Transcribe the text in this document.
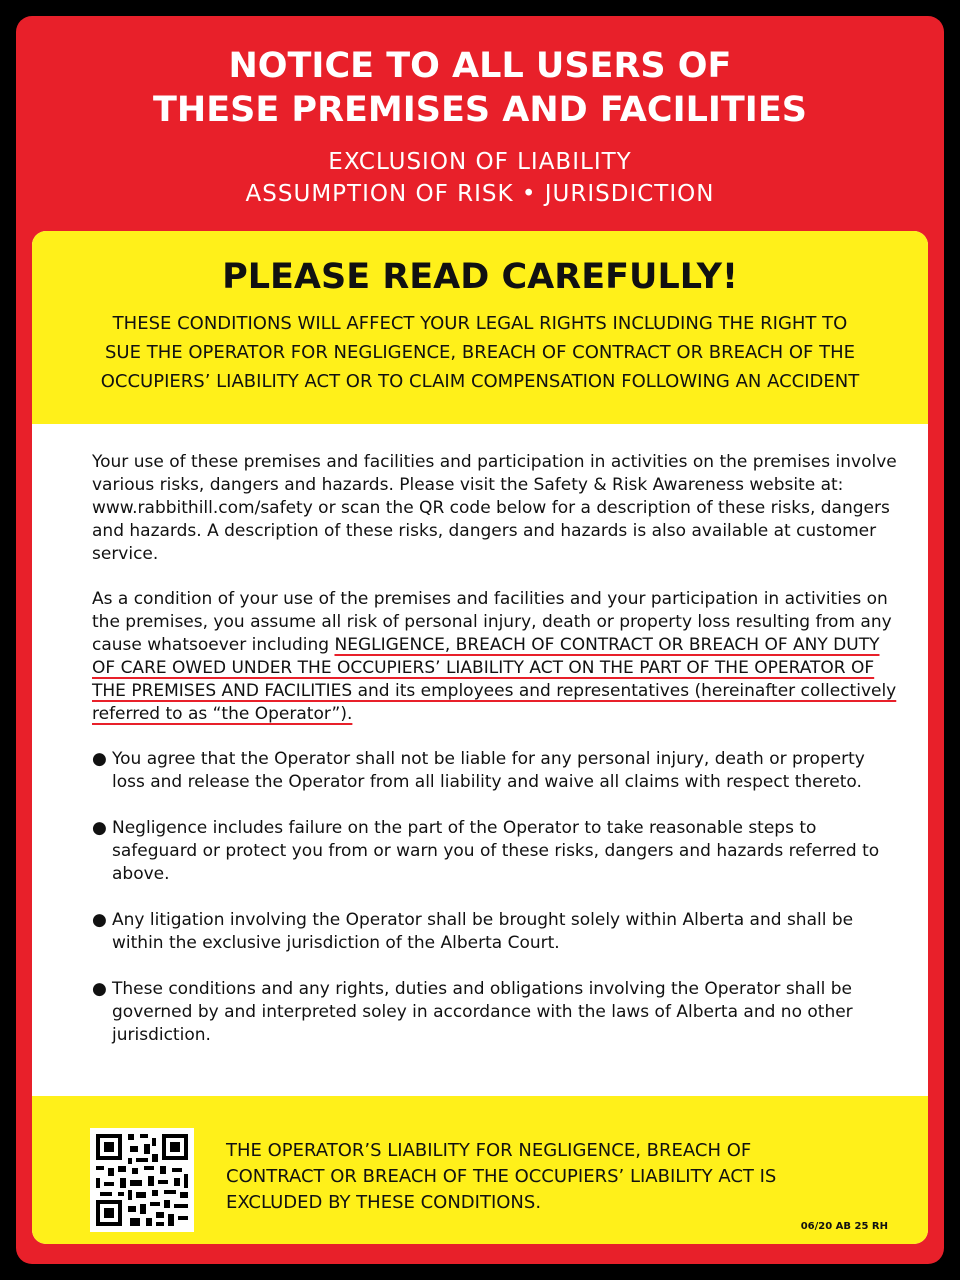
NOTICE TO ALL USERS OF
THESE PREMISES AND FACILITIES
EXCLUSION OF LIABILITY
ASSUMPTION OF RISK • JURISDICTION
PLEASE READ CAREFULLY!
THESE CONDITIONS WILL AFFECT YOUR LEGAL RIGHTS INCLUDING THE RIGHT TO
SUE THE OPERATOR FOR NEGLIGENCE, BREACH OF CONTRACT OR BREACH OF THE
OCCUPIERS’ LIABILITY ACT OR TO CLAIM COMPENSATION FOLLOWING AN ACCIDENT

Your use of these premises and facilities and participation in activities on the premises involve various risks, dangers and hazards. Please visit the Safety & Risk Awareness website at: www.rabbithill.com/safety or scan the QR code below for a description of these risks, dangers and hazards. A description of these risks, dangers and hazards is also available at customer service.

As a condition of your use of the premises and facilities and your participation in activities on the premises, you assume all risk of personal injury, death or property loss resulting from any cause whatsoever including NEGLIGENCE, BREACH OF CONTRACT OR BREACH OF ANY DUTY OF CARE OWED UNDER THE OCCUPIERS’ LIABILITY ACT ON THE PART OF THE OPERATOR OF THE PREMISES AND FACILITIES and its employees and representatives (hereinafter collectively referred to as “the Operator”).

● You agree that the Operator shall not be liable for any personal injury, death or property loss and release the Operator from all liability and waive all claims with respect thereto.
● Negligence includes failure on the part of the Operator to take reasonable steps to safeguard or protect you from or warn you of these risks, dangers and hazards referred to above.
● Any litigation involving the Operator shall be brought solely within Alberta and shall be within the exclusive jurisdiction of the Alberta Court.
● These conditions and any rights, duties and obligations involving the Operator shall be governed by and interpreted soley in accordance with the laws of Alberta and no other jurisdiction.
THE OPERATOR’S LIABILITY FOR NEGLIGENCE, BREACH OF CONTRACT OR BREACH OF THE OCCUPIERS’ LIABILITY ACT IS EXCLUDED BY THESE CONDITIONS.
06/20 AB 25 RH
